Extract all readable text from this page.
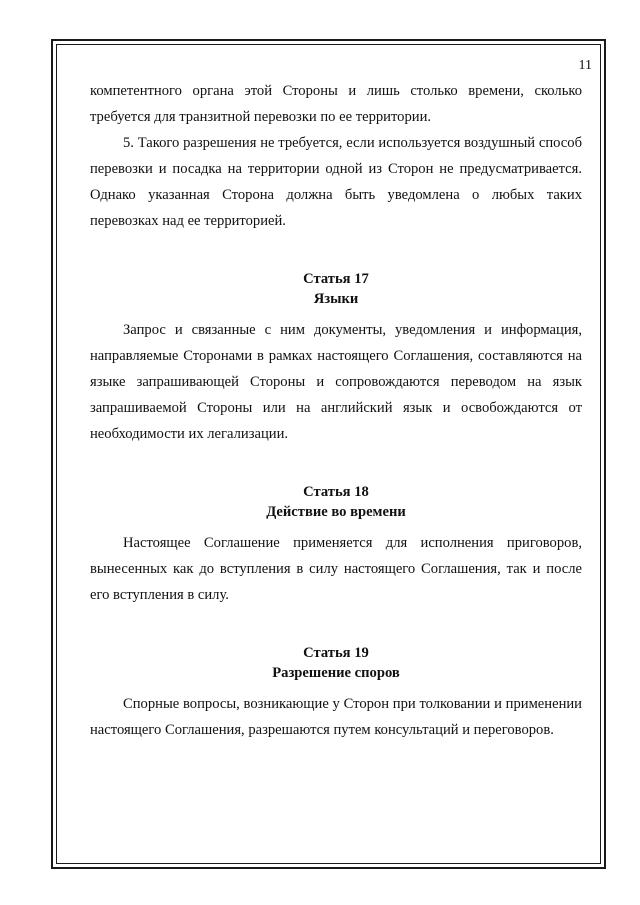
11

компетентного органа этой Стороны и лишь столько времени, сколько требуется для транзитной перевозки по ее территории.

5. Такого разрешения не требуется, если используется воздушный способ перевозки и посадка на территории одной из Сторон не предусматривается. Однако указанная Сторона должна быть уведомлена о любых таких перевозках над ее территорией.

Статья 17

Языки

Запрос и связанные с ним документы, уведомления и информация, направляемые Сторонами в рамках настоящего Соглашения, составляются на языке запрашивающей Стороны и сопровождаются переводом на язык запрашиваемой Стороны или на английский язык и освобождаются от необходимости их легализации.

Статья 18

Действие во времени

Настоящее Соглашение применяется для исполнения приговоров, вынесенных как до вступления в силу настоящего Соглашения, так и после его вступления в силу.

Статья 19

Разрешение споров

Спорные вопросы, возникающие у Сторон при толковании и применении настоящего Соглашения, разрешаются путем консультаций и переговоров.
